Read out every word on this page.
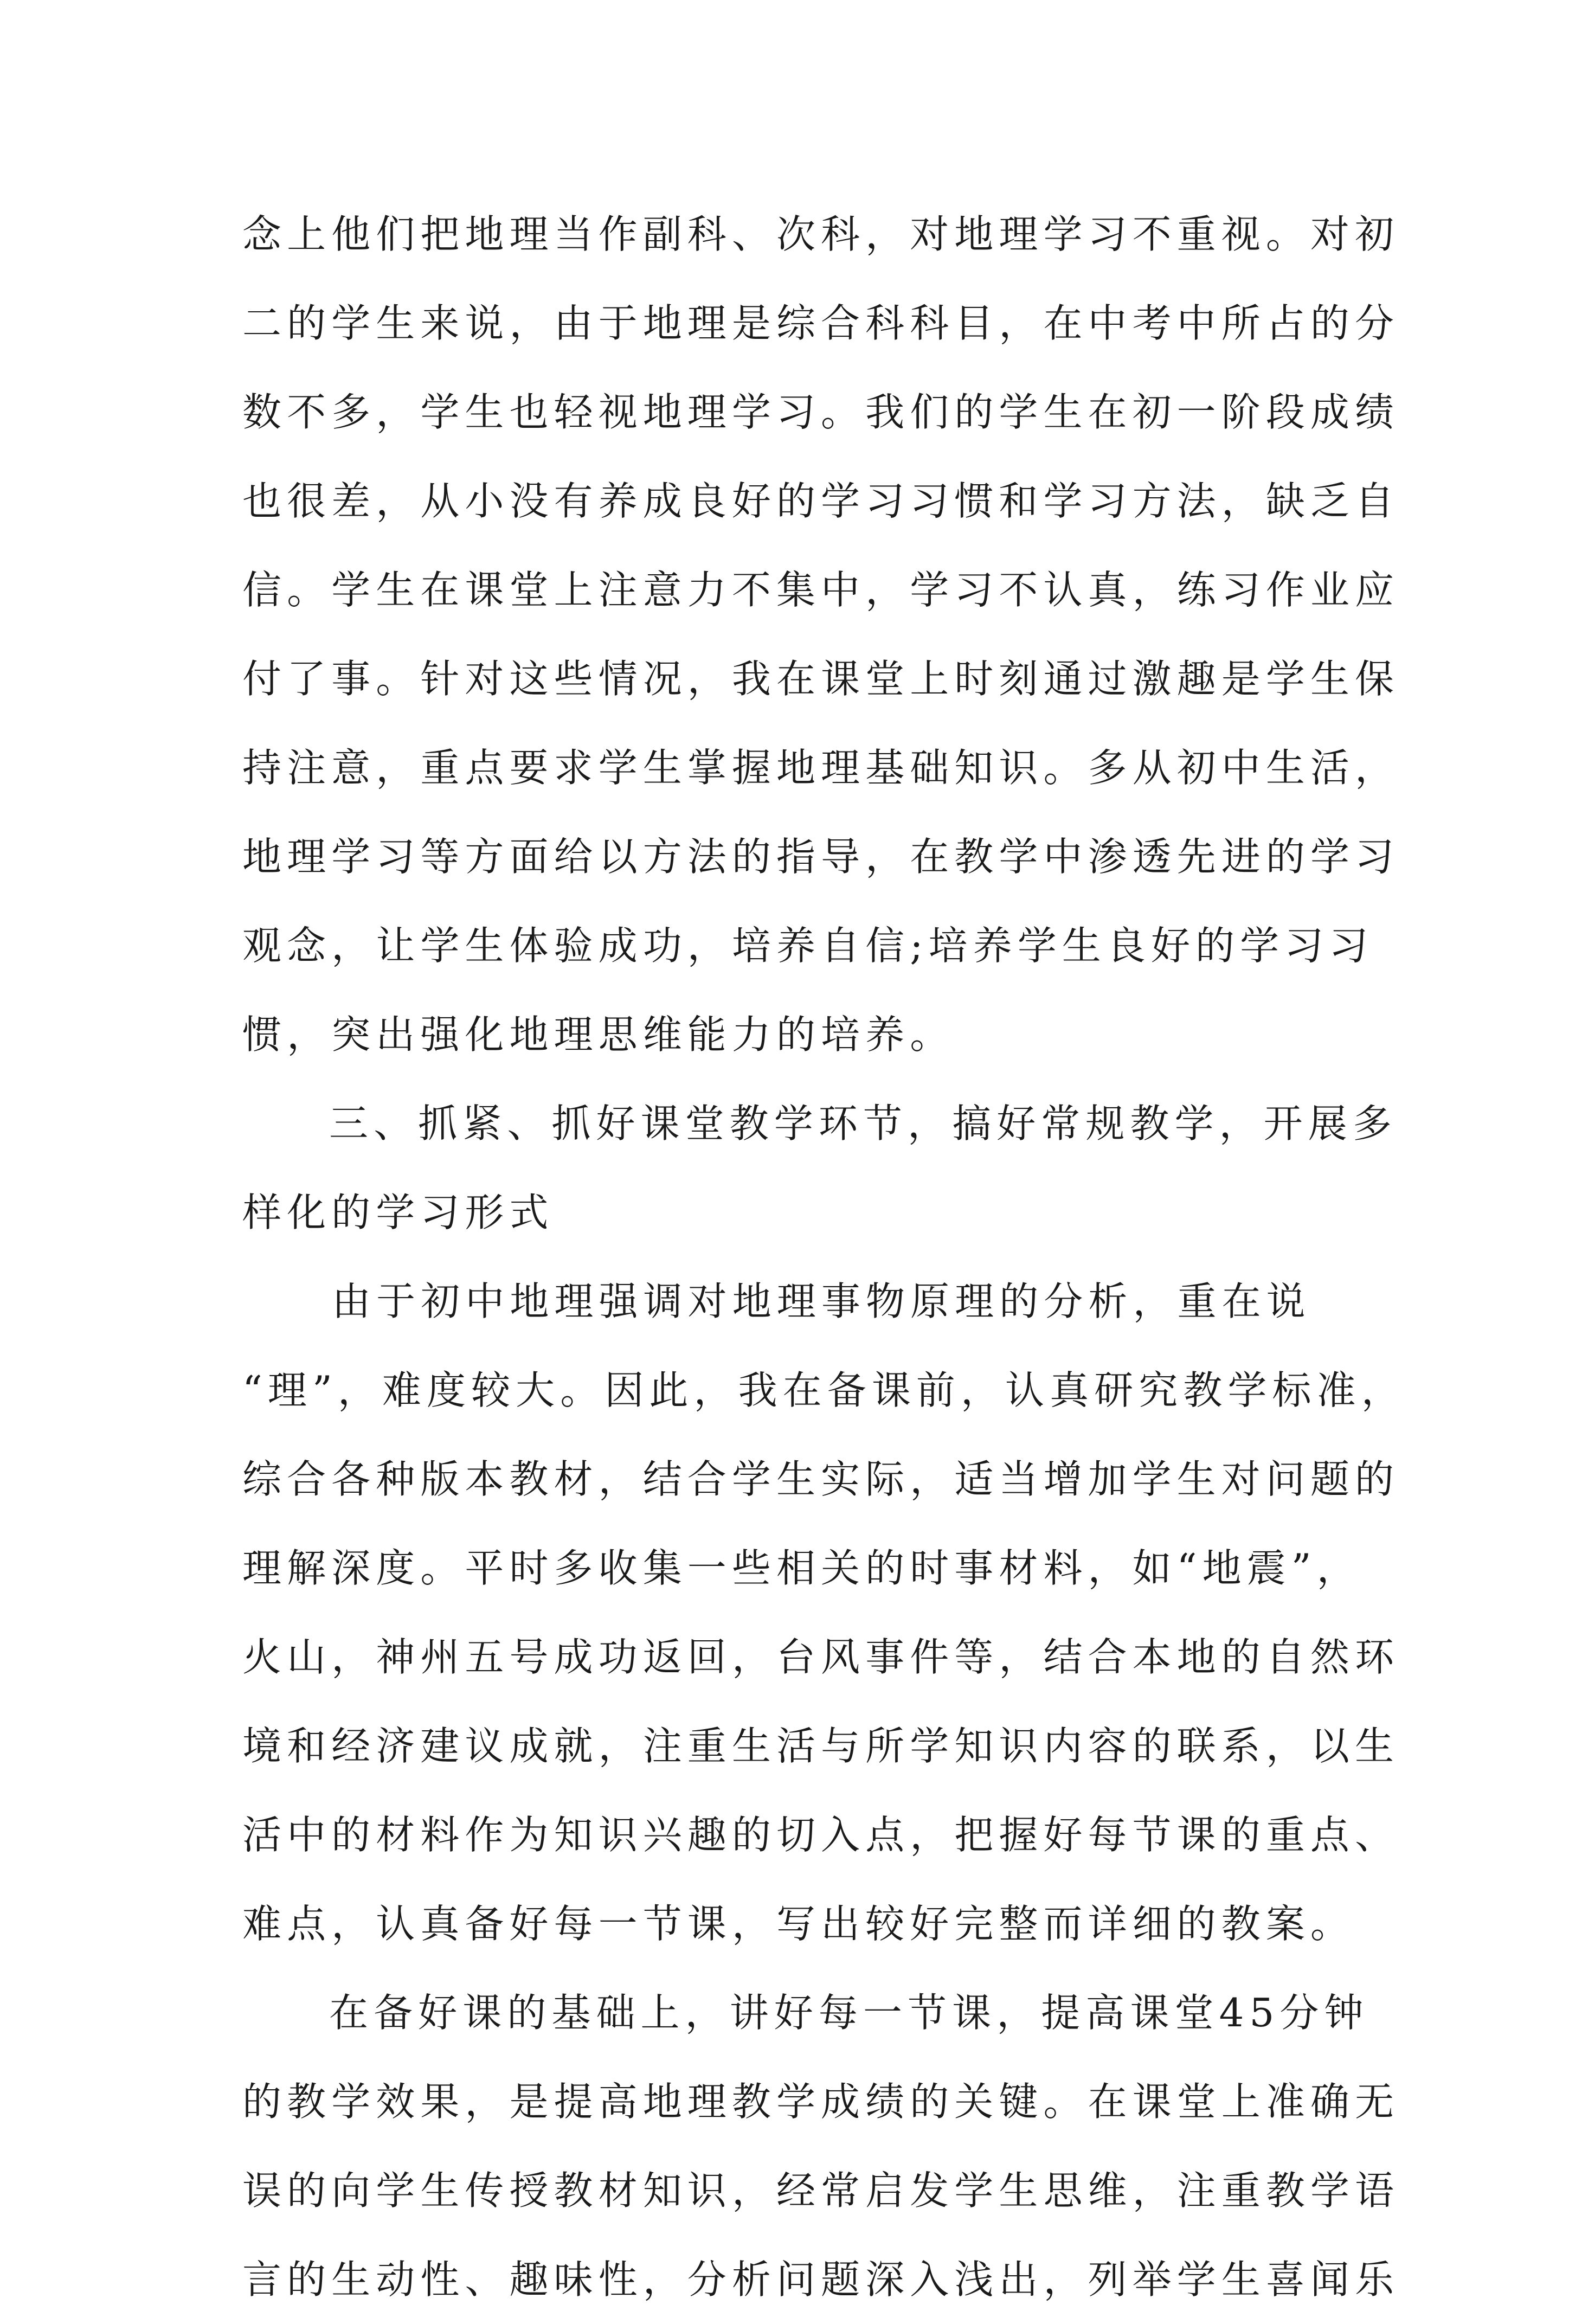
念上他们把地理当作副科、次科，对地理学习不重视。对初
二的学生来说，由于地理是综合科科目，在中考中所占的分
数不多，学生也轻视地理学习。我们的学生在初一阶段成绩
也很差，从小没有养成良好的学习习惯和学习方法，缺乏自
信。学生在课堂上注意力不集中，学习不认真，练习作业应
付了事。针对这些情况，我在课堂上时刻通过激趣是学生保
持注意，重点要求学生掌握地理基础知识。多从初中生活，
地理学习等方面给以方法的指导，在教学中渗透先进的学习
观念，让学生体验成功，培养自信;培养学生良好的学习习
惯，突出强化地理思维能力的培养。
三、抓紧、抓好课堂教学环节，搞好常规教学，开展多
样化的学习形式
由于初中地理强调对地理事物原理的分析，重在说
“理”，难度较大。因此，我在备课前，认真研究教学标准，
综合各种版本教材，结合学生实际，适当增加学生对问题的
理解深度。平时多收集一些相关的时事材料，如“地震”，
火山，神州五号成功返回，台风事件等，结合本地的自然环
境和经济建议成就，注重生活与所学知识内容的联系，以生
活中的材料作为知识兴趣的切入点，把握好每节课的重点、
难点，认真备好每一节课，写出较好完整而详细的教案。
在备好课的基础上，讲好每一节课，提高课堂45分钟
的教学效果，是提高地理教学成绩的关键。在课堂上准确无
误的向学生传授教材知识，经常启发学生思维，注重教学语
言的生动性、趣味性，分析问题深入浅出，列举学生喜闻乐
